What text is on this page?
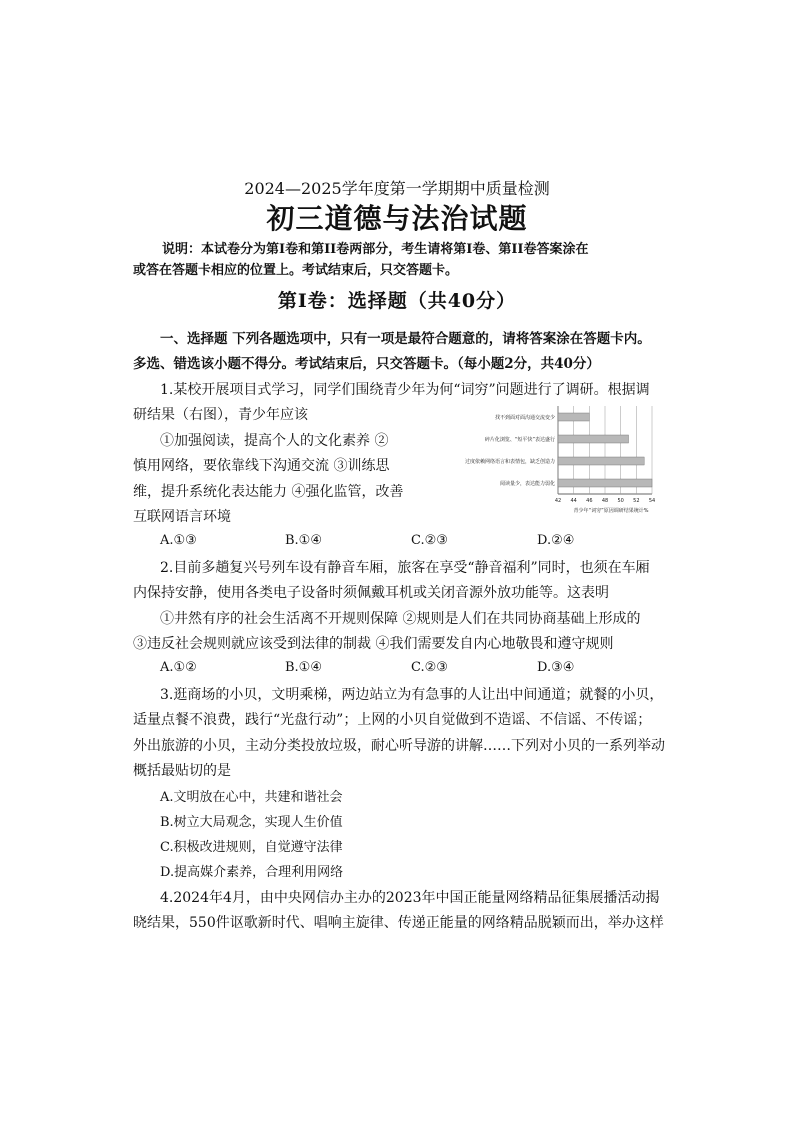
2024—2025学年度第一学期期中质量检测
初三道德与法治试题
说明：本试卷分为第Ⅰ卷和第ⅠⅠ卷两部分，考生请将第Ⅰ卷、第ⅠⅠ卷答案涂在
或答在答题卡相应的位置上。考试结束后，只交答题卡。
第Ⅰ卷：选择题（共40分）
一、选择题 下列各题选项中，只有一项是最符合题意的，请将答案涂在答题卡内。
多选、错选该小题不得分。考试结束后，只交答题卡。（每小题2分，共40分）
1.某校开展项目式学习，同学们围绕青少年为何“词穷”问题进行了调研。根据调
研结果（右图），青少年应该
①加强阅读，提高个人的文化素养 ②
慎用网络，要依靠线下沟通交流 ③训练思
维，提升系统化表达能力 ④强化监管，改善
互联网语言环境
A.①③	B.①④	C.②③	D.②④
42 44 46 48 50 52 54
找不到面对面沟通交流变少
碎片化浏览、“短平快”表达盛行
过度依赖网络语言和表情包，缺乏创造力
阅读量少，表达能力弱化
青少年“词穷”原因调研结果统计%
2.目前多趟复兴号列车设有静音车厢，旅客在享受“静音福利”同时，也须在车厢
内保持安静，使用各类电子设备时须佩戴耳机或关闭音源外放功能等。这表明
①井然有序的社会生活离不开规则保障 ②规则是人们在共同协商基础上形成的
③违反社会规则就应该受到法律的制裁 ④我们需要发自内心地敬畏和遵守规则
A.①②	B.①④	C.②③	D.③④
3.逛商场的小贝，文明乘梯，两边站立为有急事的人让出中间通道；就餐的小贝，
适量点餐不浪费，践行“光盘行动”；上网的小贝自觉做到不造谣、不信谣、不传谣；
外出旅游的小贝，主动分类投放垃圾，耐心听导游的讲解……下列对小贝的一系列举动
概括最贴切的是
A.文明放在心中，共建和谐社会
B.树立大局观念，实现人生价值
C.积极改进规则，自觉遵守法律
D.提高媒介素养，合理利用网络
4.2024年4月，由中央网信办主办的2023年中国正能量网络精品征集展播活动揭
晓结果，550件讴歌新时代、唱响主旋律、传递正能量的网络精品脱颖而出，举办这样
